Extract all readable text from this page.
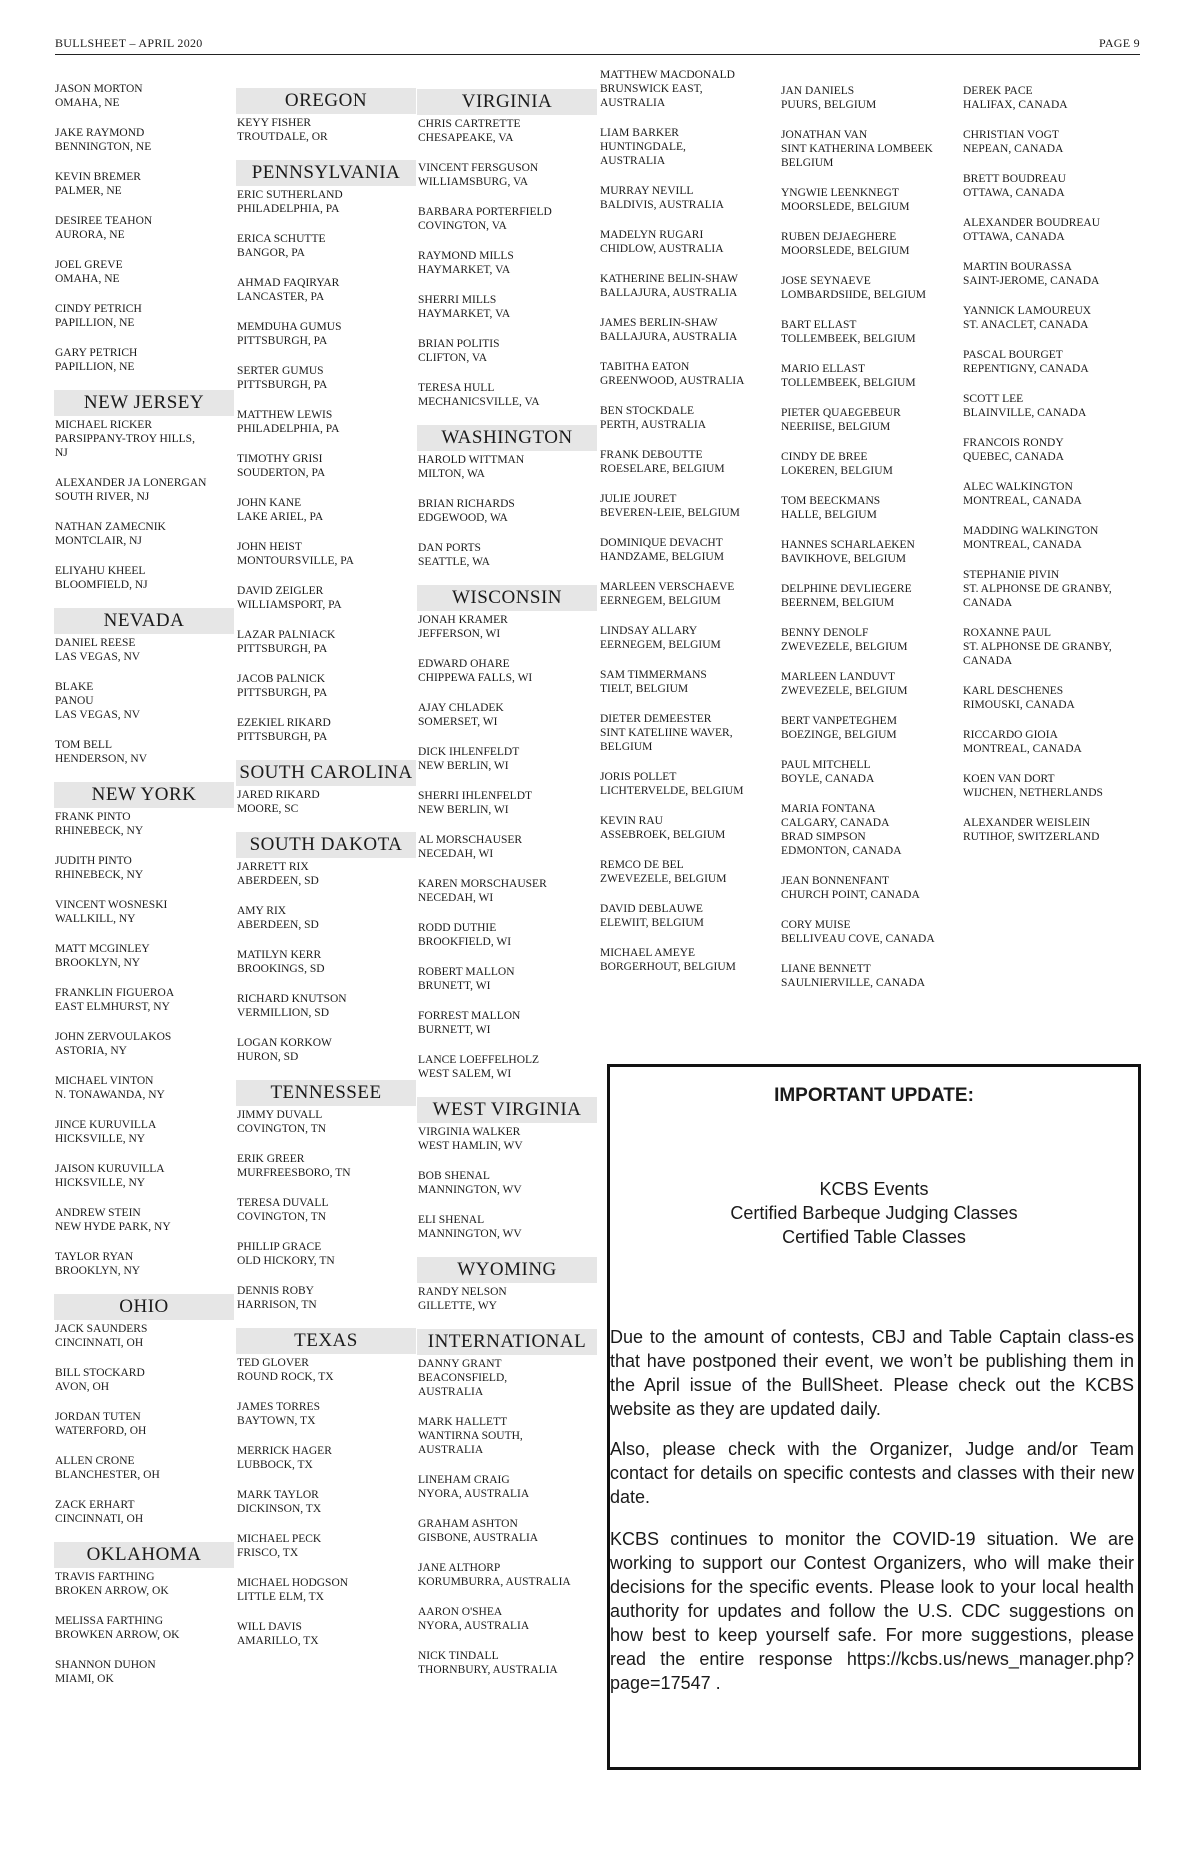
BULLSHEET – APRIL 2020	PAGE 9
JASON MORTON
OMAHA, NE
JAKE RAYMOND
BENNINGTON, NE
KEVIN BREMER
PALMER, NE
DESIREE TEAHON
AURORA, NE
JOEL GREVE
OMAHA, NE
CINDY PETRICH
PAPILLION, NE
GARY PETRICH
PAPILLION, NE
NEW JERSEY
MICHAEL RICKER
PARSIPPANY-TROY HILLS,
NJ
ALEXANDER JA LONERGAN
SOUTH RIVER, NJ
NATHAN ZAMECNIK
MONTCLAIR, NJ
ELIYAHU KHEEL
BLOOMFIELD, NJ
NEVADA
DANIEL REESE
LAS VEGAS, NV
BLAKE
PANOU
LAS VEGAS, NV
TOM BELL
HENDERSON, NV
NEW YORK
FRANK PINTO
RHINEBECK, NY
JUDITH PINTO
RHINEBECK, NY
VINCENT WOSNESKI
WALLKILL, NY
MATT MCGINLEY
BROOKLYN, NY
FRANKLIN FIGUEROA
EAST ELMHURST, NY
JOHN ZERVOULAKOS
ASTORIA, NY
MICHAEL VINTON
N. TONAWANDA, NY
JINCE KURUVILLA
HICKSVILLE, NY
JAISON KURUVILLA
HICKSVILLE, NY
ANDREW STEIN
NEW HYDE PARK, NY
TAYLOR RYAN
BROOKLYN, NY
OHIO
JACK SAUNDERS
CINCINNATI, OH
BILL STOCKARD
AVON, OH
JORDAN TUTEN
WATERFORD, OH
ALLEN CRONE
BLANCHESTER, OH
ZACK ERHART
CINCINNATI, OH
OKLAHOMA
TRAVIS FARTHING
BROKEN ARROW, OK
MELISSA FARTHING
BROWKEN ARROW, OK
SHANNON DUHON
MIAMI, OK
OREGON
KEYY FISHER
TROUTDALE, OR
PENNSYLVANIA
ERIC SUTHERLAND
PHILADELPHIA, PA
ERICA SCHUTTE
BANGOR, PA
AHMAD FAQIRYAR
LANCASTER, PA
MEMDUHA GUMUS
PITTSBURGH, PA
SERTER GUMUS
PITTSBURGH, PA
MATTHEW LEWIS
PHILADELPHIA, PA
TIMOTHY GRISI
SOUDERTON, PA
JOHN KANE
LAKE ARIEL, PA
JOHN HEIST
MONTOURSVILLE, PA
DAVID ZEIGLER
WILLIAMSPORT, PA
LAZAR PALNIACK
PITTSBURGH, PA
JACOB PALNICK
PITTSBURGH, PA
EZEKIEL RIKARD
PITTSBURGH, PA
SOUTH CAROLINA
JARED RIKARD
MOORE, SC
SOUTH DAKOTA
JARRETT RIX
ABERDEEN, SD
AMY RIX
ABERDEEN, SD
MATILYN KERR
BROOKINGS, SD
RICHARD KNUTSON
VERMILLION, SD
LOGAN KORKOW
HURON, SD
TENNESSEE
JIMMY DUVALL
COVINGTON, TN
ERIK GREER
MURFREESBORO, TN
TERESA DUVALL
COVINGTON, TN
PHILLIP GRACE
OLD HICKORY, TN
DENNIS ROBY
HARRISON, TN
TEXAS
TED GLOVER
ROUND ROCK, TX
JAMES TORRES
BAYTOWN, TX
MERRICK HAGER
LUBBOCK, TX
MARK TAYLOR
DICKINSON, TX
MICHAEL PECK
FRISCO, TX
MICHAEL HODGSON
LITTLE ELM, TX
WILL DAVIS
AMARILLO, TX
VIRGINIA
CHRIS CARTRETTE
CHESAPEAKE, VA
VINCENT FERSGUSON
WILLIAMSBURG, VA
BARBARA PORTERFIELD
COVINGTON, VA
RAYMOND MILLS
HAYMARKET, VA
SHERRI MILLS
HAYMARKET, VA
BRIAN POLITIS
CLIFTON, VA
TERESA HULL
MECHANICSVILLE, VA
WASHINGTON
HAROLD WITTMAN
MILTON, WA
BRIAN RICHARDS
EDGEWOOD, WA
DAN PORTS
SEATTLE, WA
WISCONSIN
JONAH KRAMER
JEFFERSON, WI
EDWARD OHARE
CHIPPEWA FALLS, WI
AJAY CHLADEK
SOMERSET, WI
DICK IHLENFELDT
NEW BERLIN, WI
SHERRI IHLENFELDT
NEW BERLIN, WI
AL MORSCHAUSER
NECEDAH, WI
KAREN MORSCHAUSER
NECEDAH, WI
RODD DUTHIE
BROOKFIELD, WI
ROBERT MALLON
BRUNETT, WI
FORREST MALLON
BURNETT, WI
LANCE LOEFFELHOLZ
WEST SALEM, WI
WEST VIRGINIA
VIRGINIA WALKER
WEST HAMLIN, WV
BOB SHENAL
MANNINGTON, WV
ELI SHENAL
MANNINGTON, WV
WYOMING
RANDY NELSON
GILLETTE, WY
INTERNATIONAL
DANNY GRANT
BEACONSFIELD,
AUSTRALIA
MARK HALLETT
WANTIRNA SOUTH,
AUSTRALIA
LINEHAM CRAIG
NYORA, AUSTRALIA
GRAHAM ASHTON
GISBONE, AUSTRALIA
JANE ALTHORP
KORUMBURRA, AUSTRALIA
AARON O'SHEA
NYORA, AUSTRALIA
NICK TINDALL
THORNBURY, AUSTRALIA
MATTHEW MACDONALD
BRUNSWICK EAST,
AUSTRALIA
LIAM BARKER
HUNTINGDALE,
AUSTRALIA
MURRAY NEVILL
BALDIVIS, AUSTRALIA
MADELYN RUGARI
CHIDLOW, AUSTRALIA
KATHERINE BELIN-SHAW
BALLAJURA, AUSTRALIA
JAMES BERLIN-SHAW
BALLAJURA, AUSTRALIA
TABITHA EATON
GREENWOOD, AUSTRALIA
BEN STOCKDALE
PERTH, AUSTRALIA
FRANK DEBOUTTE
ROESELARE, BELGIUM
JULIE JOURET
BEVEREN-LEIE, BELGIUM
DOMINIQUE DEVACHT
HANDZAME, BELGIUM
MARLEEN VERSCHAEVE
EERNEGEM, BELGIUM
LINDSAY ALLARY
EERNEGEM, BELGIUM
SAM TIMMERMANS
TIELT, BELGIUM
DIETER DEMEESTER
SINT KATELIINE WAVER,
BELGIUM
JORIS POLLET
LICHTERVELDE, BELGIUM
KEVIN RAU
ASSEBROEK, BELGIUM
REMCO DE BEL
ZWEVEZELE, BELGIUM
DAVID DEBLAUWE
ELEWIIT, BELGIUM
MICHAEL AMEYE
BORGERHOUT, BELGIUM
JAN DANIELS
PUURS, BELGIUM
JONATHAN VAN
SINT KATHERINA LOMBEEK
BELGIUM
YNGWIE LEENKNEGT
MOORSLEDE, BELGIUM
RUBEN DEJAEGHERE
MOORSLEDE, BELGIUM
JOSE SEYNAEVE
LOMBARDSIIDE, BELGIUM
BART ELLAST
TOLLEMBEEK, BELGIUM
MARIO ELLAST
TOLLEMBEEK, BELGIUM
PIETER QUAEGEBEUR
NEERIISE, BELGIUM
CINDY DE BREE
LOKEREN, BELGIUM
TOM BEECKMANS
HALLE, BELGIUM
HANNES SCHARLAEKEN
BAVIKHOVE, BELGIUM
DELPHINE DEVLIEGERE
BEERNEM, BELGIUM
BENNY DENOLF
ZWEVEZELE, BELGIUM
MARLEEN LANDUVT
ZWEVEZELE, BELGIUM
BERT VANPETEGHEM
BOEZINGE, BELGIUM
PAUL MITCHELL
BOYLE, CANADA
MARIA FONTANA
CALGARY, CANADA
BRAD SIMPSON
EDMONTON, CANADA
JEAN BONNENFANT
CHURCH POINT, CANADA
CORY MUISE
BELLIVEAU COVE, CANADA
LIANE BENNETT
SAULNIERVILLE, CANADA
DEREK PACE
HALIFAX, CANADA
CHRISTIAN VOGT
NEPEAN, CANADA
BRETT BOUDREAU
OTTAWA, CANADA
ALEXANDER BOUDREAU
OTTAWA, CANADA
MARTIN BOURASSA
SAINT-JEROME, CANADA
YANNICK LAMOUREUX
ST. ANACLET, CANADA
PASCAL BOURGET
REPENTIGNY, CANADA
SCOTT LEE
BLAINVILLE, CANADA
FRANCOIS RONDY
QUEBEC, CANADA
ALEC WALKINGTON
MONTREAL, CANADA
MADDING WALKINGTON
MONTREAL, CANADA
STEPHANIE PIVIN
ST. ALPHONSE DE GRANBY,
CANADA
ROXANNE PAUL
ST. ALPHONSE DE GRANBY,
CANADA
KARL DESCHENES
RIMOUSKI, CANADA
RICCARDO GIOIA
MONTREAL, CANADA
KOEN VAN DORT
WIJCHEN, NETHERLANDS
ALEXANDER WEISLEIN
RUTIHOF, SWITZERLAND
IMPORTANT UPDATE:
KCBS Events
Certified Barbeque Judging Classes
Certified Table Classes
Due to the amount of contests, CBJ and Table Captain class-es that have postponed their event, we won’t be publishing them in the April issue of the BullSheet. Please check out the KCBS website as they are updated daily.
Also, please check with the Organizer, Judge and/or Team contact for details on specific contests and classes with their new date.
KCBS continues to monitor the COVID-19 situation. We are working to support our Contest Organizers, who will make their decisions for the specific events. Please look to your local health authority for updates and follow the U.S. CDC suggestions on how best to keep yourself safe. For more suggestions, please read the entire response https://kcbs.us/news_manager.php?page=17547 .
